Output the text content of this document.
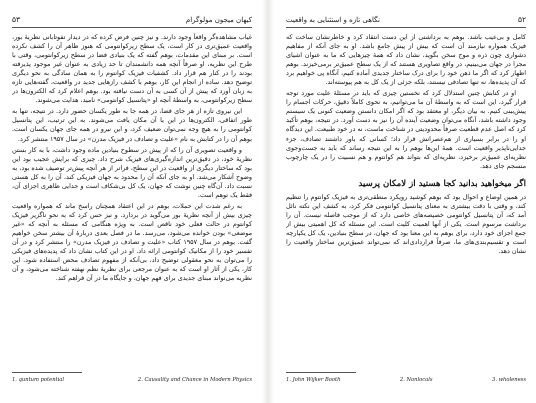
کیهان میجون مولوگرام
۵۳

غیاب مشاهده‌گر واقعاً وجود دارند. و نیز چنین فرض کرده که در دیدار تفوتابانی نظریهٔ بور، واقعیت عمیق‌تری در کار است، یک سطح زیر‌کوانتومی که هنوز ظاهر آن را کشف نکرده است. بر مبنای این مقدمات، بوهم گفته که یک بنیادی فضا در سطح زیر‌کوانتومی، وقتی با طرح این نظریه، او صرفاً آنچه همه دانشمندان تا حد زیادی به عنوان غیر موجود پذیرفته بودند را در کنار هم قرار داد. کشفیات فیزیک کوانتوم را به همان سادگی به نحو دیگری توضیح دهد. ساده از انجام این کار، بوهم با کشف رازهایی جدید در واقعیت، گفته‌هایی تازه به زبان آورد که پیش از آن کسی به آن دست نیافته بود. بوهم اعلام کرد که الکترون‌ها در سطح زیر‌کوانتومی، به واسطهٔ آنچه او «پتانسیل کوانتومی» نامید، هدایت می‌شوند.

این نیروی تازه از هر جای فضا، در همه جا به طور یکسان حضور دارد. در نتیجه، تنها به طور اتفاقی، الکترون‌ها در این یا آن مکان یافت می‌شوند. به این ترتیب، این پتانسیل کوانتومی را به هیچ وجه نمی‌توان ضعیف کرد، و این نیرو در همه جای جهان یکسان است. بوهم آن را در کتابش به نام «علیت و تصادف در فیزیک مدرن» در سال ۱۹۵۷ منتشر کرد.

و واقعیت تصویری آن را که از پیش در سطوح بنیادین ماده وجود داشت، با به کار بستن نظریهٔ خود، در دقیق‌ترین اندازه‌گیری‌های فیزیک شرح داد. چیزی که برایش عجیب بود این بود که ساختار دیگری از واقعیت در این سطح، فراتر از هر آنچه پیش‌تر توصیف شده بود، به وضوح آشکار می‌شد. او به جای آنکه آن را محدود به جهان فیزیکی کند، آن را به کل هستی نسبت داد. آن‌گاه چنین نوشت که جهان، یک کل بی‌شکاف است و جدایی ظاهری اجزای آن، فقط یک توهم است.

به رغم شدت این حملات، بوهم در این اعتقاد همچنان راسخ ماند که همواره واقعیت چیزی بیش از آنچه نظریهٔ بور می‌گوید در بردارد. و نیز حس کرد که به نحو ناگزیر فیزیک کوانتوم در حالت فعلی خود ناقص است. به ویژه هنگامی که مسئله به آنچه که «غیر موضعی» بودن خوانده می‌شود، می‌رسد. ما در فصل بعدی دربارهٔ آن بیشتر سخن خواهیم گفت. بوهم در سال ۱۹۵۷ کتاب «علیت و تصادف در فیزیک مدرن» را منتشر کرد و در آن تفسیر خود را از مکانیک کوانتومی ارائه داد. او در این کتاب نشان داد که پدیده‌های فیزیکی را می‌توان به نحو معقولی توضیح داد، بی‌آنکه از مفهوم تصادف محض استفاده شود. این کار، یکی از آثار او است که به عنوان مرجعی برای نظریهٔ نظم نهفته شناخته می‌شود، و آن نظریه می‌تواند مبنای جدیدی برای فهم جهان، و جایگاه ما در آن فراهم کند.

1. quntum potential	2. Causality and Chance in Modern Physics
۵۲
نگاهی تازه و استثنایی به واقعیت

کامل و بی‌عیب باشد. بوهم به برداشتی از این دست انتقاد کرد و خاطرنشان ساخت که فیزیک همواره نیازمند آن است که بیش از پیش جامع باشد. او به جای آنکه از مفاهیم دشواری چون ذره و موج سخن بگوید، نشان داد که همهٔ چیزهایی که ما به عنوان اشیای مجزا در جهان می‌بینیم، در واقع تصاویری هستند که از یک سطح عمیق‌تر برمی‌خیزند. بوهم اظهار کرد که اگر ما ذهن خود را برای درک ساختار جدیدی آماده کنیم، آنگاه پی خواهیم برد که آن پدیده‌ها، نه تنها تصادفی نیستند، بلکه جزئی از یک کل به هم پیوسته‌اند.

او در کتابش چنین استدلال کرد که نخستین چیزی که باید در مسئلهٔ علیت مورد توجه قرار گیرد، این است که به واسطهٔ آن ما می‌توانیم، به نحوی کاملاً دقیق، حرکات اجسام را پیش‌بینی کنیم. به بیان دیگر، او معتقد بود که اگر امکان دانستن وضعیت کنونی یک سیستم وجود داشته باشد، آنگاه می‌توان وضعیت آینده آن را نیز به دست آورد. در نتیجه، بوهم تأکید کرد که اصل عدم قطعیت صرفاً محدودیتی در شناخت ماست، نه در خود طبیعت. این دیدگاه او را در برابر بسیاری از هم‌عصرانش قرار داد؛ کسانی که باور داشتند تصادف، جزء جدایی‌ناپذیر واقعیت است. همهٔ این‌ها بوهم را به این نتیجه رساند که باید به جست‌وجوی نظریه‌ای عمیق‌تر برخیزد، نظریه‌ای که بتواند هم کوانتوم و هم نسبیت را در یک چارچوب منسجم جای دهد.

اگر میخواهید بدانید کجا هستید از لامکان پرسید

در همین اوضاع و احوال بود که بوهم کوشید رویکرد منطقی‌تری به فیزیک کوانتوم را تنظیم کند، و وقتی با دقت بیشتری به معنای پتانسیل کوانتومی فکر کرد، به کشف این نکته نائل آمد که، آن پتانسیل کوانتومی خصیصه‌های خاصی دارد که از موجب فاصله نیست. آن را برداشت مرسوم است. یکی از آنها اهمیت کلیت است. این مسئله که کل اهمیتی بیش از جمع اجزای خود دارد، برای بوهم به این معنا بود که جهان، در سطح بنیادین، یک کل یکپارچه است و تقسیم‌بندی‌های ما، صرفاً قراردادی‌اند که نمی‌تواند عمیق‌ترین ساختار واقعیت را نشان دهد.

1. John Wijker Booth	2. Nonlocals	3. wholeness
